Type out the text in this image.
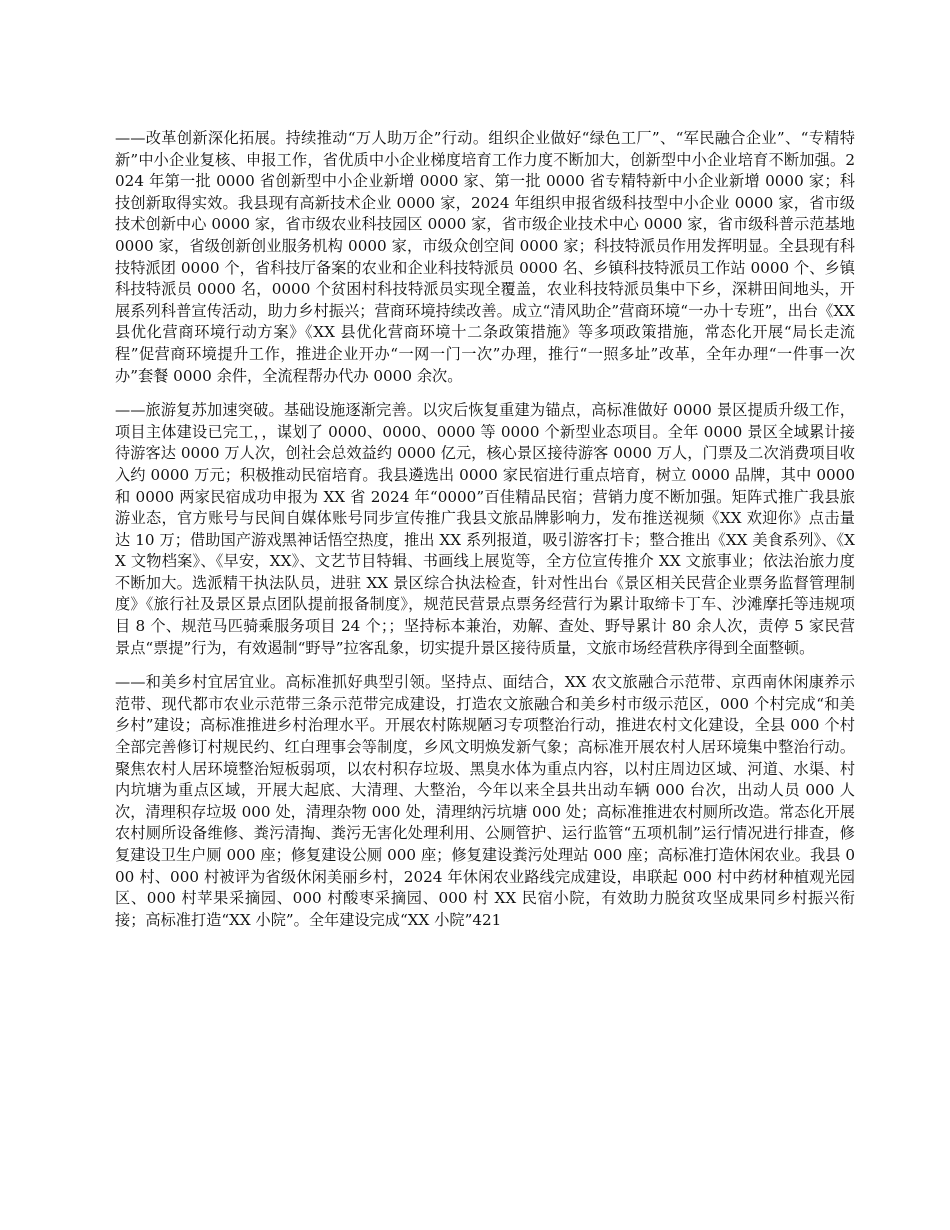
——改革创新深化拓展。持续推动“万人助万企”行动。组织企业做好“绿色工厂”、“军民融合企业”、“专精特新”中小企业复核、申报工作，省优质中小企业梯度培育工作力度不断加大，创新型中小企业培育不断加强。2024 年第一批 0000 省创新型中小企业新增 0000 家、第一批 0000 省专精特新中小企业新增 0000 家；科技创新取得实效。我县现有高新技术企业 0000 家，2024 年组织申报省级科技型中小企业 0000 家，省市级技术创新中心 0000 家，省市级农业科技园区 0000 家，省市级企业技术中心 0000 家，省市级科普示范基地 0000 家，省级创新创业服务机构 0000 家，市级众创空间 0000 家；科技特派员作用发挥明显。全县现有科技特派团 0000 个，省科技厅备案的农业和企业科技特派员 0000 名、乡镇科技特派员工作站 0000 个、乡镇科技特派员 0000 名，0000 个贫困村科技特派员实现全覆盖，农业科技特派员集中下乡，深耕田间地头，开展系列科普宣传活动，助力乡村振兴；营商环境持续改善。成立“清风助企”营商环境“一办十专班”，出台《XX 县优化营商环境行动方案》《XX 县优化营商环境十二条政策措施》等多项政策措施，常态化开展“局长走流程”促营商环境提升工作，推进企业开办“一网一门一次”办理，推行“一照多址”改革，全年办理“一件事一次办”套餐 0000 余件，全流程帮办代办 0000 余次。

——旅游复苏加速突破。基础设施逐渐完善。以灾后恢复重建为锚点，高标准做好 0000 景区提质升级工作，项目主体建设已完工，，谋划了 0000、0000、0000 等 0000 个新型业态项目。全年 0000 景区全域累计接待游客达 0000 万人次，创社会总效益约 0000 亿元，核心景区接待游客 0000 万人，门票及二次消费项目收入约 0000 万元；积极推动民宿培育。我县遴选出 0000 家民宿进行重点培育，树立 0000 品牌，其中 0000 和 0000 两家民宿成功申报为 XX 省 2024 年“0000”百佳精品民宿；营销力度不断加强。矩阵式推广我县旅游业态，官方账号与民间自媒体账号同步宣传推广我县文旅品牌影响力，发布推送视频《XX 欢迎你》点击量达 10 万；借助国产游戏黑神话悟空热度，推出 XX 系列报道，吸引游客打卡；整合推出《XX 美食系列》、《XX 文物档案》、《早安，XX》、文艺节目特辑、书画线上展览等，全方位宣传推介 XX 文旅事业；依法治旅力度不断加大。选派精干执法队员，进驻 XX 景区综合执法检查，针对性出台《景区相关民营企业票务监督管理制度》《旅行社及景区景点团队提前报备制度》，规范民营景点票务经营行为累计取缔卡丁车、沙滩摩托等违规项目 8 个、规范马匹骑乘服务项目 24 个；；坚持标本兼治，劝解、查处、野导累计 80 余人次，责停 5 家民营景点“票提”行为，有效遏制“野导”拉客乱象，切实提升景区接待质量，文旅市场经营秩序得到全面整顿。

——和美乡村宜居宜业。高标准抓好典型引领。坚持点、面结合，XX 农文旅融合示范带、京西南休闲康养示范带、现代都市农业示范带三条示范带完成建设，打造农文旅融合和美乡村市级示范区，000 个村完成“和美乡村”建设；高标准推进乡村治理水平。开展农村陈规陋习专项整治行动，推进农村文化建设，全县 000 个村全部完善修订村规民约、红白理事会等制度，乡风文明焕发新气象；高标准开展农村人居环境集中整治行动。聚焦农村人居环境整治短板弱项，以农村积存垃圾、黑臭水体为重点内容，以村庄周边区域、河道、水渠、村内坑塘为重点区域，开展大起底、大清理、大整治，今年以来全县共出动车辆 000 台次，出动人员 000 人次，清理积存垃圾 000 处，清理杂物 000 处，清理纳污坑塘 000 处；高标准推进农村厕所改造。常态化开展农村厕所设备维修、粪污清掏、粪污无害化处理利用、公厕管护、运行监管“五项机制”运行情况进行排查，修复建设卫生户厕 000 座；修复建设公厕 000 座；修复建设粪污处理站 000 座；高标准打造休闲农业。我县 000 村、000 村被评为省级休闲美丽乡村，2024 年休闲农业路线完成建设，串联起 000 村中药材种植观光园区、000 村苹果采摘园、000 村酸枣采摘园、000 村 XX 民宿小院，有效助力脱贫攻坚成果同乡村振兴衔接；高标准打造“XX 小院”。全年建设完成“XX 小院”421
